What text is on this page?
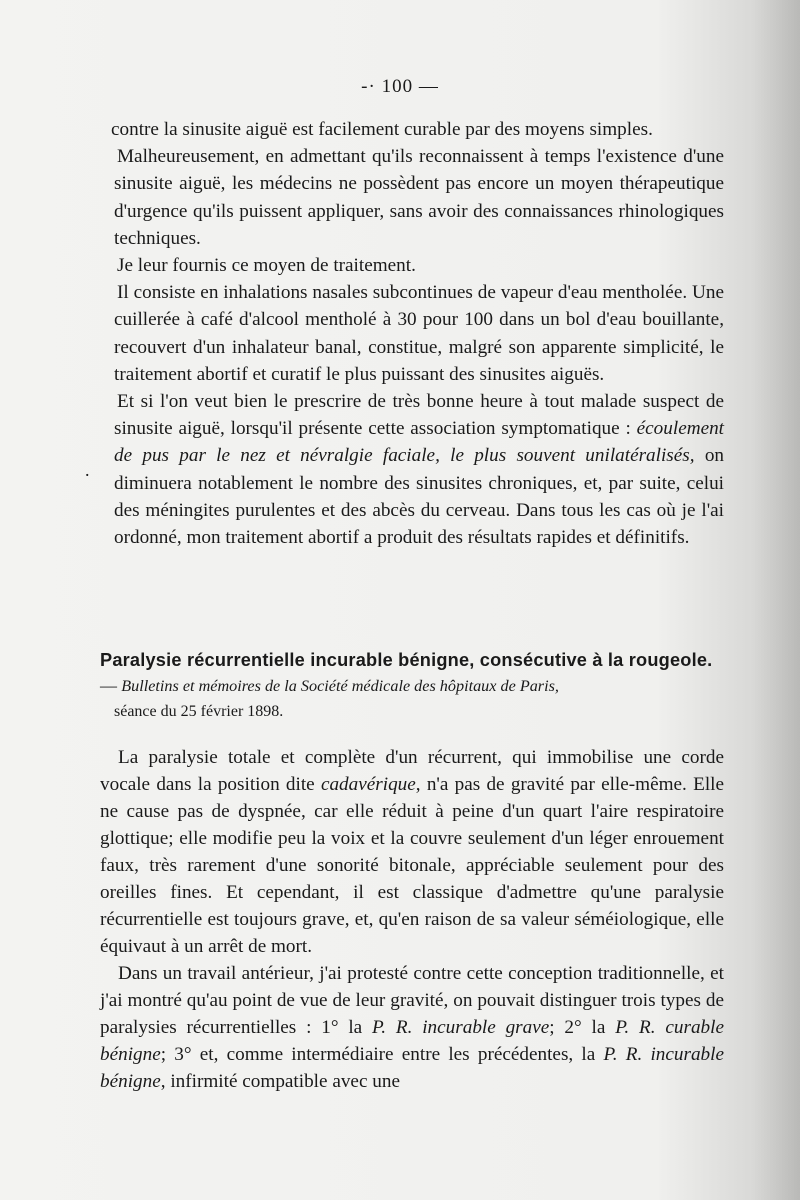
-· 100 —

contre la sinusite aiguë est facilement curable par des moyens simples.

Malheureusement, en admettant qu'ils reconnaissent à temps l'existence d'une sinusite aiguë, les médecins ne possèdent pas encore un moyen thérapeutique d'urgence qu'ils puissent appliquer, sans avoir des connaissances rhinologiques techniques.

Je leur fournis ce moyen de traitement.

Il consiste en inhalations nasales subcontinues de vapeur d'eau mentholée. Une cuillerée à café d'alcool mentholé à 30 pour 100 dans un bol d'eau bouillante, recouvert d'un inhalateur banal, constitue, malgré son apparente simplicité, le traitement abortif et curatif le plus puissant des sinusites aiguës.

Et si l'on veut bien le prescrire de très bonne heure à tout malade suspect de sinusite aiguë, lorsqu'il présente cette association symptomatique : écoulement de pus par le nez et névralgie faciale, le plus souvent unilatéralisés, on diminuera notablement le nombre des sinusites chroniques, et, par suite, celui des méningites purulentes et des abcès du cerveau. Dans tous les cas où je l'ai ordonné, mon traitement abortif a produit des résultats rapides et définitifs.

.
Paralysie récurrentielle incurable bénigne, consécutive à la rougeole. — Bulletins et mémoires de la Société médicale des hôpitaux de Paris,
séance du 25 février 1898.

La paralysie totale et complète d'un récurrent, qui immobilise une corde vocale dans la position dite cadavérique, n'a pas de gravité par elle-même. Elle ne cause pas de dyspnée, car elle réduit à peine d'un quart l'aire respiratoire glottique; elle modifie peu la voix et la couvre seulement d'un léger enrouement faux, très rarement d'une sonorité bitonale, appréciable seulement pour des oreilles fines. Et cependant, il est classique d'admettre qu'une paralysie récurrentielle est toujours grave, et, qu'en raison de sa valeur séméiologique, elle équivaut à un arrêt de mort.

Dans un travail antérieur, j'ai protesté contre cette conception traditionnelle, et j'ai montré qu'au point de vue de leur gravité, on pouvait distinguer trois types de paralysies récurrentielles : 1° la P. R. incurable grave; 2° la P. R. curable bénigne; 3° et, comme intermédiaire entre les précédentes, la P. R. incurable bénigne, infirmité compatible avec une
